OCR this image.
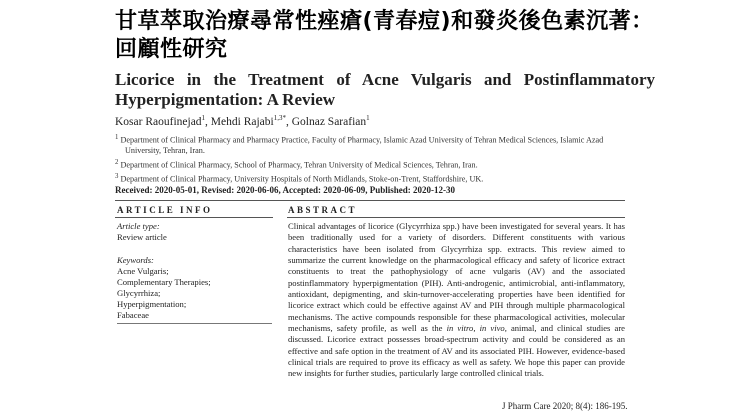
甘草萃取治療尋常性痤瘡(青春痘)和發炎後色素沉著：回顧性研究
Licorice in the Treatment of Acne Vulgaris and Postinflammatory
Hyperpigmentation: A Review
Kosar Raoufinejad$^1$, Mehdi Rajabi$^{1,3*}$, Golnaz Sarafian$^1$
$^1$ Department of Clinical Pharmacy and Pharmacy Practice, Faculty of Pharmacy, Islamic Azad University of Tehran Medical Sciences, Islamic Azad
University, Tehran, Iran.
$^2$ Department of Clinical Pharmacy, School of Pharmacy, Tehran University of Medical Sciences, Tehran, Iran.
$^3$ Department of Clinical Pharmacy, University Hospitals of North Midlands, Stoke-on-Trent, Staffordshire, UK.
Received: 2020-05-01, Revised: 2020-06-06, Accepted: 2020-06-09, Published: 2020-12-30
ARTICLE INFO	ABSTRACT
Article type:
Review article
Keywords:
Acne Vulgaris;
Complementary Therapies;
Glycyrrhiza;
Hyperpigmentation;
Fabaceae

Clinical advantages of licorice (Glycyrrhiza spp.) have been investigated for several years. It has been traditionally used for a variety of disorders. Different constituents with various characteristics have been isolated from Glycyrrhiza spp. extracts. This review aimed to summarize the current knowledge on the pharmacological efficacy and safety of licorice extract constituents to treat the pathophysiology of acne vulgaris (AV) and the associated postinflammatory hyperpigmentation (PIH). Anti-androgenic, antimicrobial, anti-inflammatory, antioxidant, depigmenting, and skin-turnover-accelerating properties have been identified for licorice extract which could be effective against AV and PIH through multiple pharmacological mechanisms. The active compounds responsible for these pharmacological activities, molecular mechanisms, safety profile, as well as the in vitro, in vivo, animal, and clinical studies are discussed. Licorice extract possesses broad-spectrum activity and could be considered as an effective and safe option in the treatment of AV and its associated PIH. However, evidence-based clinical trials are required to prove its efficacy as well as safety. We hope this paper can provide new insights for further studies, particularly large controlled clinical trials.

J Pharm Care 2020; 8(4): 186-195.
